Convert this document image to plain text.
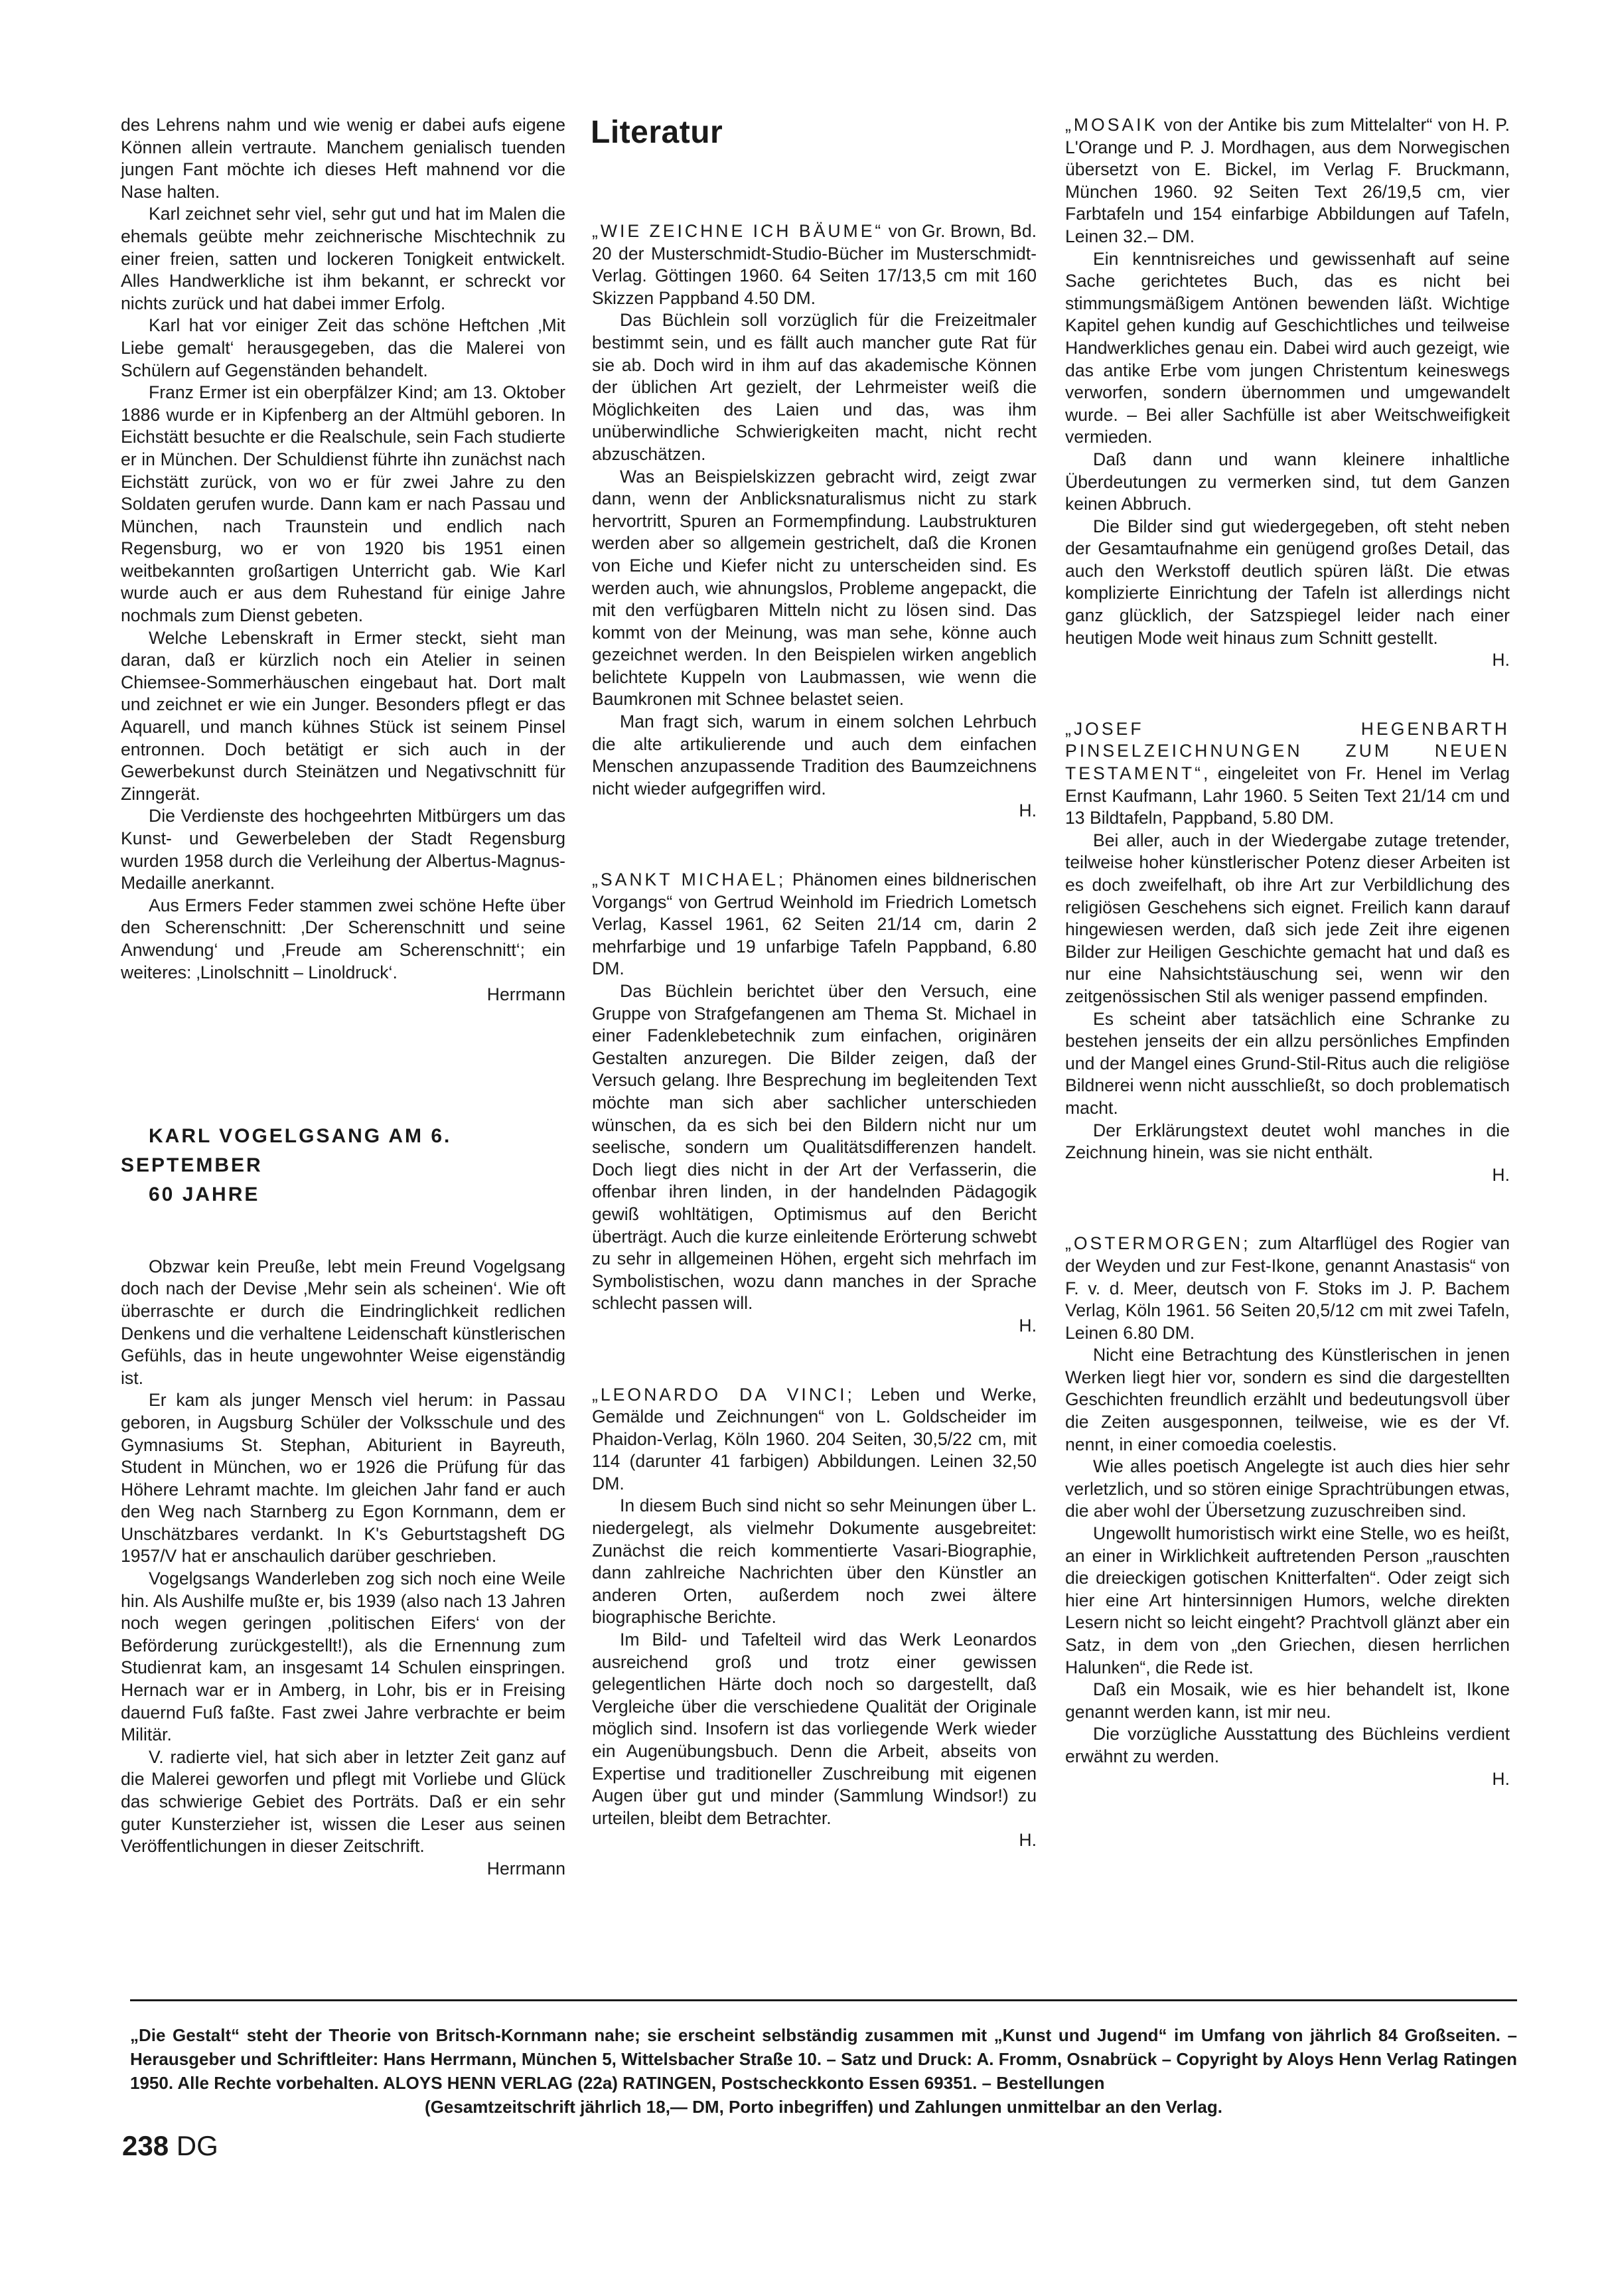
des Lehrens nahm und wie wenig er dabei aufs eigene Können allein vertraute. Manchem genialisch tuenden jungen Fant möchte ich dieses Heft mahnend vor die Nase halten.

Karl zeichnet sehr viel, sehr gut und hat im Malen die ehemals geübte mehr zeichnerische Mischtechnik zu einer freien, satten und lockeren Tonigkeit entwickelt. Alles Handwerkliche ist ihm bekannt, er schreckt vor nichts zurück und hat dabei immer Erfolg.

Karl hat vor einiger Zeit das schöne Heftchen ‚Mit Liebe gemalt‘ herausgegeben, das die Malerei von Schülern auf Gegenständen behandelt.

Franz Ermer ist ein oberpfälzer Kind; am 13. Oktober 1886 wurde er in Kipfenberg an der Altmühl geboren. In Eichstätt besuchte er die Realschule, sein Fach studierte er in München. Der Schuldienst führte ihn zunächst nach Eichstätt zurück, von wo er für zwei Jahre zu den Soldaten gerufen wurde. Dann kam er nach Passau und München, nach Traunstein und endlich nach Regensburg, wo er von 1920 bis 1951 einen weitbekannten großartigen Unterricht gab. Wie Karl wurde auch er aus dem Ruhestand für einige Jahre nochmals zum Dienst gebeten.

Welche Lebenskraft in Ermer steckt, sieht man daran, daß er kürzlich noch ein Atelier in seinen Chiemsee-Sommerhäuschen eingebaut hat. Dort malt und zeichnet er wie ein Junger. Besonders pflegt er das Aquarell, und manch kühnes Stück ist seinem Pinsel entronnen. Doch betätigt er sich auch in der Gewerbekunst durch Steinätzen und Negativschnitt für Zinngerät.

Die Verdienste des hochgeehrten Mitbürgers um das Kunst- und Gewerbeleben der Stadt Regensburg wurden 1958 durch die Verleihung der Albertus-Magnus-Medaille anerkannt.

Aus Ermers Feder stammen zwei schöne Hefte über den Scherenschnitt: ‚Der Scherenschnitt und seine Anwendung‘ und ‚Freude am Scherenschnitt‘; ein weiteres: ‚Linolschnitt – Linoldruck‘.

Herrmann

KARL VOGELGSANG AM 6. SEPTEMBER

60 JAHRE

Obzwar kein Preuße, lebt mein Freund Vogelgsang doch nach der Devise ‚Mehr sein als scheinen‘. Wie oft überraschte er durch die Eindringlichkeit redlichen Denkens und die verhaltene Leidenschaft künstlerischen Gefühls, das in heute ungewohnter Weise eigenständig ist.

Er kam als junger Mensch viel herum: in Passau geboren, in Augsburg Schüler der Volksschule und des Gymnasiums St. Stephan, Abiturient in Bayreuth, Student in München, wo er 1926 die Prüfung für das Höhere Lehramt machte. Im gleichen Jahr fand er auch den Weg nach Starnberg zu Egon Kornmann, dem er Unschätzbares verdankt. In K's Geburtstagsheft DG 1957/V hat er anschaulich darüber geschrieben.

Vogelgsangs Wanderleben zog sich noch eine Weile hin. Als Aushilfe mußte er, bis 1939 (also nach 13 Jahren noch wegen geringen ‚politischen Eifers‘ von der Beförderung zurückgestellt!), als die Ernennung zum Studienrat kam, an insgesamt 14 Schulen einspringen. Hernach war er in Amberg, in Lohr, bis er in Freising dauernd Fuß faßte. Fast zwei Jahre verbrachte er beim Militär.

V. radierte viel, hat sich aber in letzter Zeit ganz auf die Malerei geworfen und pflegt mit Vorliebe und Glück das schwierige Gebiet des Porträts. Daß er ein sehr guter Kunsterzieher ist, wissen die Leser aus seinen Veröffentlichungen in dieser Zeitschrift.

Herrmann
Literatur

„WIE ZEICHNE ICH BÄUME“ von Gr. Brown, Bd. 20 der Musterschmidt-Studio-Bücher im Musterschmidt-Verlag. Göttingen 1960. 64 Seiten 17/13,5 cm mit 160 Skizzen Pappband 4.50 DM.

Das Büchlein soll vorzüglich für die Freizeitmaler bestimmt sein, und es fällt auch mancher gute Rat für sie ab. Doch wird in ihm auf das akademische Können der üblichen Art gezielt, der Lehrmeister weiß die Möglichkeiten des Laien und das, was ihm unüberwindliche Schwierigkeiten macht, nicht recht abzuschätzen.

Was an Beispielskizzen gebracht wird, zeigt zwar dann, wenn der Anblicksnaturalismus nicht zu stark hervortritt, Spuren an Formempfindung. Laubstrukturen werden aber so allgemein gestrichelt, daß die Kronen von Eiche und Kiefer nicht zu unterscheiden sind. Es werden auch, wie ahnungslos, Probleme angepackt, die mit den verfügbaren Mitteln nicht zu lösen sind. Das kommt von der Meinung, was man sehe, könne auch gezeichnet werden. In den Beispielen wirken angeblich belichtete Kuppeln von Laubmassen, wie wenn die Baumkronen mit Schnee belastet seien.

Man fragt sich, warum in einem solchen Lehrbuch die alte artikulierende und auch dem einfachen Menschen anzupassende Tradition des Baumzeichnens nicht wieder aufgegriffen wird.

H.

„SANKT MICHAEL; Phänomen eines bildnerischen Vorgangs“ von Gertrud Weinhold im Friedrich Lometsch Verlag, Kassel 1961, 62 Seiten 21/14 cm, darin 2 mehrfarbige und 19 unfarbige Tafeln Pappband, 6.80 DM.

Das Büchlein berichtet über den Versuch, eine Gruppe von Strafgefangenen am Thema St. Michael in einer Fadenklebetechnik zum einfachen, originären Gestalten anzuregen. Die Bilder zeigen, daß der Versuch gelang. Ihre Besprechung im begleitenden Text möchte man sich aber sachlicher unterschieden wünschen, da es sich bei den Bildern nicht nur um seelische, sondern um Qualitätsdifferenzen handelt. Doch liegt dies nicht in der Art der Verfasserin, die offenbar ihren linden, in der handelnden Pädagogik gewiß wohltätigen, Optimismus auf den Bericht überträgt. Auch die kurze einleitende Erörterung schwebt zu sehr in allgemeinen Höhen, ergeht sich mehrfach im Symbolistischen, wozu dann manches in der Sprache schlecht passen will.

H.

„LEONARDO DA VINCI; Leben und Werke, Gemälde und Zeichnungen“ von L. Goldscheider im Phaidon-Verlag, Köln 1960. 204 Seiten, 30,5/22 cm, mit 114 (darunter 41 farbigen) Abbildungen. Leinen 32,50 DM.

In diesem Buch sind nicht so sehr Meinungen über L. niedergelegt, als vielmehr Dokumente ausgebreitet: Zunächst die reich kommentierte Vasari-Biographie, dann zahlreiche Nachrichten über den Künstler an anderen Orten, außerdem noch zwei ältere biographische Berichte.

Im Bild- und Tafelteil wird das Werk Leonardos ausreichend groß und trotz einer gewissen gelegentlichen Härte doch noch so dargestellt, daß Vergleiche über die verschiedene Qualität der Originale möglich sind. Insofern ist das vorliegende Werk wieder ein Augenübungsbuch. Denn die Arbeit, abseits von Expertise und traditioneller Zuschreibung mit eigenen Augen über gut und minder (Sammlung Windsor!) zu urteilen, bleibt dem Betrachter.

H.

„MOSAIK von der Antike bis zum Mittelalter“ von H. P. L'Orange und P. J. Mordhagen, aus dem Norwegischen übersetzt von E. Bickel, im Verlag F. Bruckmann, München 1960. 92 Seiten Text 26/19,5 cm, vier Farbtafeln und 154 einfarbige Abbildungen auf Tafeln, Leinen 32.– DM.

Ein kenntnisreiches und gewissenhaft auf seine Sache gerichtetes Buch, das es nicht bei stimmungsmäßigem Antönen bewenden läßt. Wichtige Kapitel gehen kundig auf Geschichtliches und teilweise Handwerkliches genau ein. Dabei wird auch gezeigt, wie das antike Erbe vom jungen Christentum keineswegs verworfen, sondern übernommen und umgewandelt wurde. – Bei aller Sachfülle ist aber Weitschweifigkeit vermieden.

Daß dann und wann kleinere inhaltliche Überdeutungen zu vermerken sind, tut dem Ganzen keinen Abbruch.

Die Bilder sind gut wiedergegeben, oft steht neben der Gesamtaufnahme ein genügend großes Detail, das auch den Werkstoff deutlich spüren läßt. Die etwas komplizierte Einrichtung der Tafeln ist allerdings nicht ganz glücklich, der Satzspiegel leider nach einer heutigen Mode weit hinaus zum Schnitt gestellt.

H.

„JOSEF HEGENBARTH PINSELZEICHNUNGEN ZUM NEUEN TESTAMENT“, eingeleitet von Fr. Henel im Verlag Ernst Kaufmann, Lahr 1960. 5 Seiten Text 21/14 cm und 13 Bildtafeln, Pappband, 5.80 DM.

Bei aller, auch in der Wiedergabe zutage tretender, teilweise hoher künstlerischer Potenz dieser Arbeiten ist es doch zweifelhaft, ob ihre Art zur Verbildlichung des religiösen Geschehens sich eignet. Freilich kann darauf hingewiesen werden, daß sich jede Zeit ihre eigenen Bilder zur Heiligen Geschichte gemacht hat und daß es nur eine Nahsichtstäuschung sei, wenn wir den zeitgenössischen Stil als weniger passend empfinden.

Es scheint aber tatsächlich eine Schranke zu bestehen jenseits der ein allzu persönliches Empfinden und der Mangel eines Grund-Stil-Ritus auch die religiöse Bildnerei wenn nicht ausschließt, so doch problematisch macht.

Der Erklärungstext deutet wohl manches in die Zeichnung hinein, was sie nicht enthält.

H.

„OSTERMORGEN; zum Altarflügel des Rogier van der Weyden und zur Fest-Ikone, genannt Anastasis“ von F. v. d. Meer, deutsch von F. Stoks im J. P. Bachem Verlag, Köln 1961. 56 Seiten 20,5/12 cm mit zwei Tafeln, Leinen 6.80 DM.

Nicht eine Betrachtung des Künstlerischen in jenen Werken liegt hier vor, sondern es sind die dargestellten Geschichten freundlich erzählt und bedeutungsvoll über die Zeiten ausgesponnen, teilweise, wie es der Vf. nennt, in einer comoedia coelestis.

Wie alles poetisch Angelegte ist auch dies hier sehr verletzlich, und so stören einige Sprachtrübungen etwas, die aber wohl der Übersetzung zuzuschreiben sind.

Ungewollt humoristisch wirkt eine Stelle, wo es heißt, an einer in Wirklichkeit auftretenden Person „rauschten die dreieckigen gotischen Knitterfalten“. Oder zeigt sich hier eine Art hintersinnigen Humors, welche direkten Lesern nicht so leicht eingeht? Prachtvoll glänzt aber ein Satz, in dem von „den Griechen, diesen herrlichen Halunken“, die Rede ist.

Daß ein Mosaik, wie es hier behandelt ist, Ikone genannt werden kann, ist mir neu.

Die vorzügliche Ausstattung des Büchleins verdient erwähnt zu werden.

H.

„Die Gestalt“ steht der Theorie von Britsch-Kornmann nahe; sie erscheint selbständig zusammen mit „Kunst und Jugend“ im Umfang von jährlich 84 Großseiten. – Herausgeber und Schriftleiter: Hans Herrmann, München 5, Wittelsbacher Straße 10. – Satz und Druck: A. Fromm, Osnabrück – Copyright by Aloys Henn Verlag Ratingen 1950. Alle Rechte vorbehalten. ALOYS HENN VERLAG (22a) RATINGEN, Postscheckkonto Essen 69351. – Bestellungen

(Gesamtzeitschrift jährlich 18,— DM, Porto inbegriffen) und Zahlungen unmittelbar an den Verlag.

238 DG
